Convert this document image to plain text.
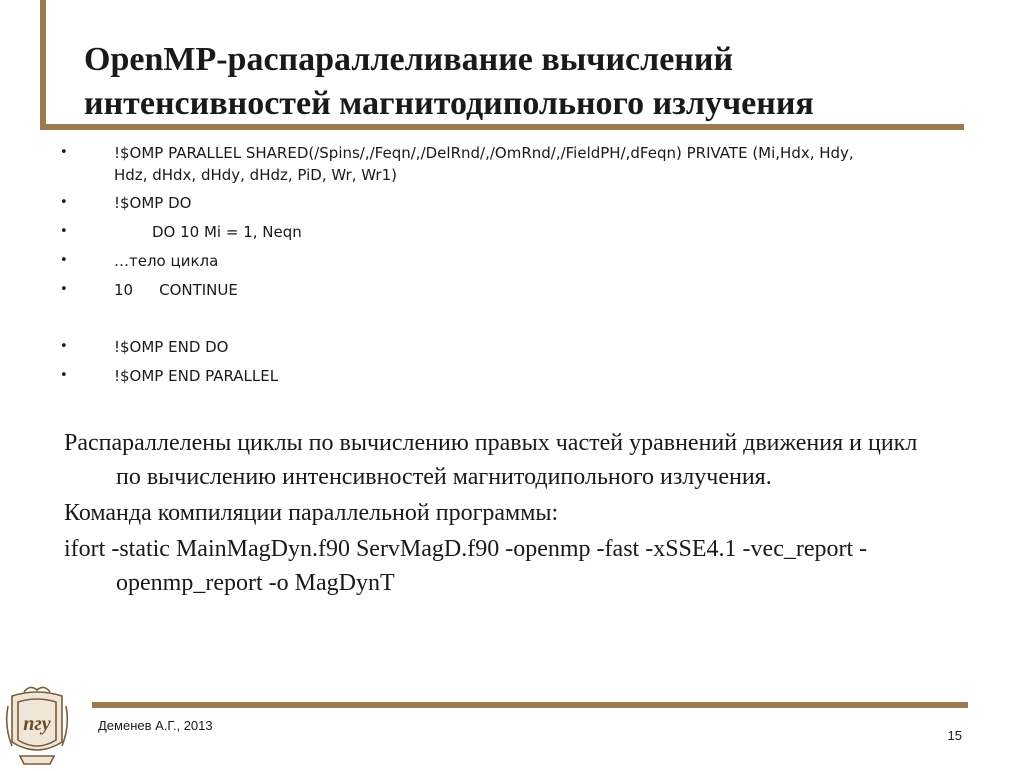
OpenMP-распараллеливание вычислений
интенсивностей магнитодипольного излучения
•	!$OMP PARALLEL SHARED(/Spins/,/Feqn/,/DelRnd/,/OmRnd/,/FieldPH/,dFeqn) PRIVATE (Mi,Hdx, Hdy,
Hdz, dHdx, dHdy, dHdz, PiD, Wr, Wr1)
•	!$OMP DO
•	DO 10 Mi = 1, Neqn
•	…тело цикла
•	10 CONTINUE
•	!$OMP END DO
•	!$OMP END PARALLEL

Распараллелены циклы по вычислению правых частей уравнений движения и цикл по вычислению интенсивностей магнитодипольного излучения.

Команда компиляции параллельной программы:

ifort -static MainMagDyn.f90 ServMagD.f90 -openmp -fast -xSSE4.1 -vec_report -openmp_report -o MagDynT

пгу	Деменев А.Г., 2013
15
